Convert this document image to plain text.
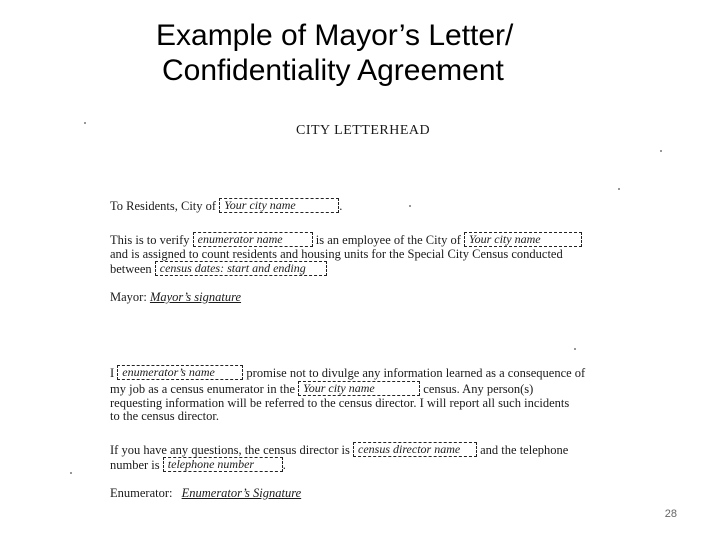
Example of Mayor’s Letter/
Confidentiality Agreement
CITY LETTERHEAD
To Residents, City of Your city name	.
This is to verify enumerator name	is an employee of the City of Your city name
and is assigned to count residents and housing units for the Special City Census conducted
between census dates: start and ending
Mayor: Mayor’s signature
I enumerator’s name	promise not to divulge any information learned as a consequence of
my job as a census enumerator in the Your city name	census. Any person(s)
requesting information will be referred to the census director. I will report all such incidents
to the census director.
If you have any questions, the census director is census director name and the telephone
number is telephone number .
Enumerator: Enumerator’s Signature
28
